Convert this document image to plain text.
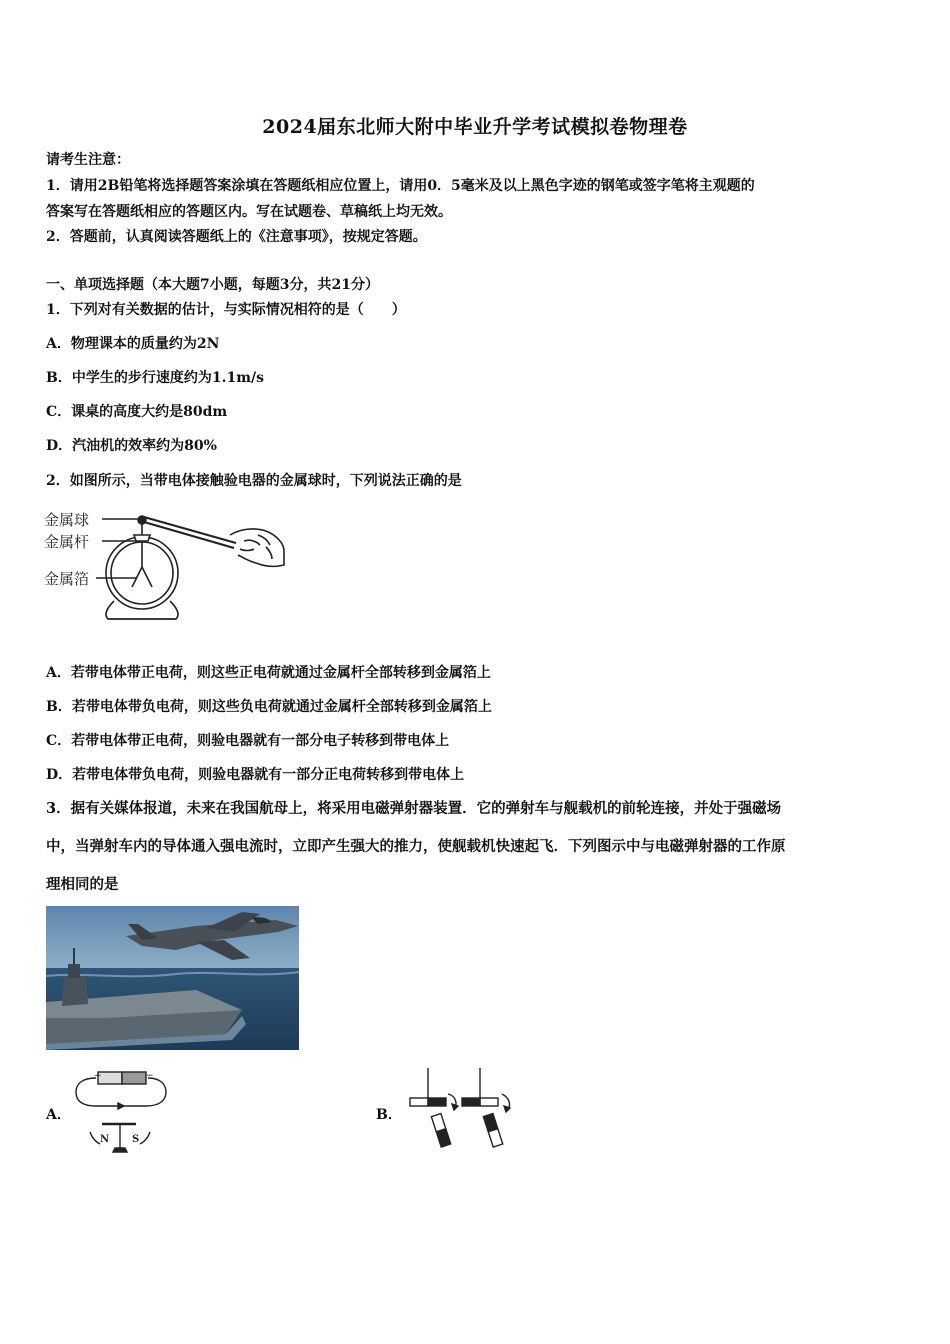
2024届东北师大附中毕业升学考试模拟卷物理卷
请考生注意：
1．请用2B铅笔将选择题答案涂填在答题纸相应位置上，请用0．5毫米及以上黑色字迹的钢笔或签字笔将主观题的
答案写在答题纸相应的答题区内。写在试题卷、草稿纸上均无效。
2．答题前，认真阅读答题纸上的《注意事项》，按规定答题。
一、单项选择题（本大题7小题，每题3分，共21分）
1．下列对有关数据的估计，与实际情况相符的是（　　）
A．物理课本的质量约为2N
B．中学生的步行速度约为1.1m/s
C．课桌的高度大约是80dm
D．汽油机的效率约为80%
2．如图所示，当带电体接触验电器的金属球时，下列说法正确的是
金属球
金属杆
金属箔
A．若带电体带正电荷，则这些正电荷就通过金属杆全部转移到金属箔上
B．若带电体带负电荷，则这些负电荷就通过金属杆全部转移到金属箔上
C．若带电体带正电荷，则验电器就有一部分电子转移到带电体上
D．若带电体带负电荷，则验电器就有一部分正电荷转移到带电体上
3．据有关媒体报道，未来在我国航母上，将采用电磁弹射器装置．它的弹射车与舰载机的前轮连接，并处于强磁场
中，当弹射车内的导体通入强电流时，立即产生强大的推力，使舰载机快速起飞．下列图示中与电磁弹射器的工作原
理相同的是
A．
+	−
N S
B．
